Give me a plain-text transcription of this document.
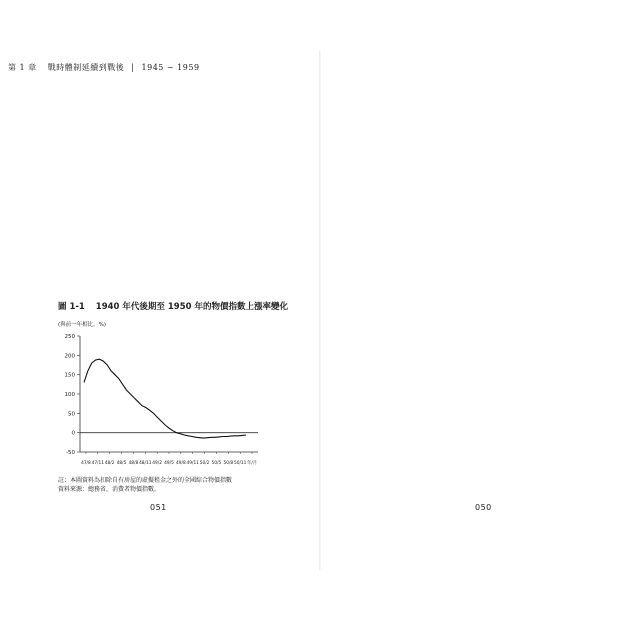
第 1 章 戰時體制延續到戰後 | 1945 ~ 1959
圖 1-1 1940 年代後期至 1950 年的物價指數上漲率變化
(與前一年相比，%)
250
200
150
100
50
0
-50
47/8 47/11 48/2 48/5 48/8 48/11 49/2 49/5 49/8 49/11 50/2 50/5 50/8 50/11 年/月
註：本圖資料為扣除自有房屋的虛擬租金之外的全國綜合物價指數
資料來源：總務省，消費者物價指數。
051	050
